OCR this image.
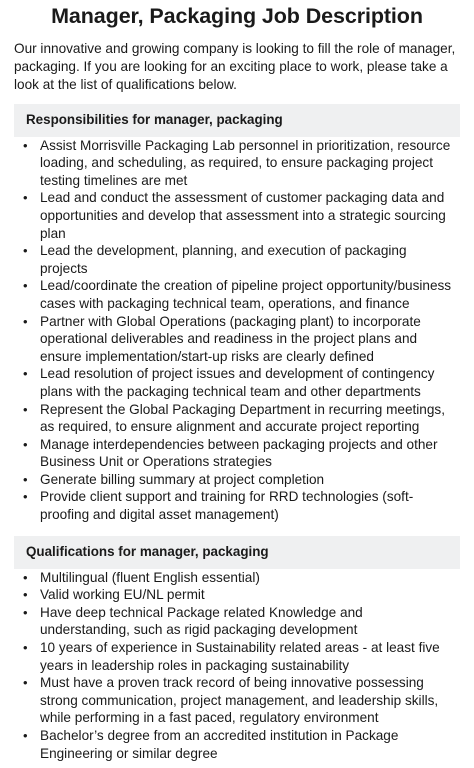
Manager, Packaging Job Description

Our innovative and growing company is looking to fill the role of manager, packaging. If you are looking for an exciting place to work, please take a look at the list of qualifications below.

Responsibilities for manager, packaging
• Assist Morrisville Packaging Lab personnel in prioritization, resource loading, and scheduling, as required, to ensure packaging project testing timelines are met
• Lead and conduct the assessment of customer packaging data and opportunities and develop that assessment into a strategic sourcing plan
• Lead the development, planning, and execution of packaging projects
• Lead/coordinate the creation of pipeline project opportunity/business cases with packaging technical team, operations, and finance
• Partner with Global Operations (packaging plant) to incorporate operational deliverables and readiness in the project plans and ensure implementation/start-up risks are clearly defined
• Lead resolution of project issues and development of contingency plans with the packaging technical team and other departments
• Represent the Global Packaging Department in recurring meetings, as required, to ensure alignment and accurate project reporting
• Manage interdependencies between packaging projects and other Business Unit or Operations strategies
• Generate billing summary at project completion
• Provide client support and training for RRD technologies (soft-proofing and digital asset management)
Qualifications for manager, packaging
• Multilingual (fluent English essential)
• Valid working EU/NL permit
• Have deep technical Package related Knowledge and understanding, such as rigid packaging development
• 10 years of experience in Sustainability related areas - at least five years in leadership roles in packaging sustainability
• Must have a proven track record of being innovative possessing strong communication, project management, and leadership skills, while performing in a fast paced, regulatory environment
• Bachelor’s degree from an accredited institution in Package Engineering or similar degree
